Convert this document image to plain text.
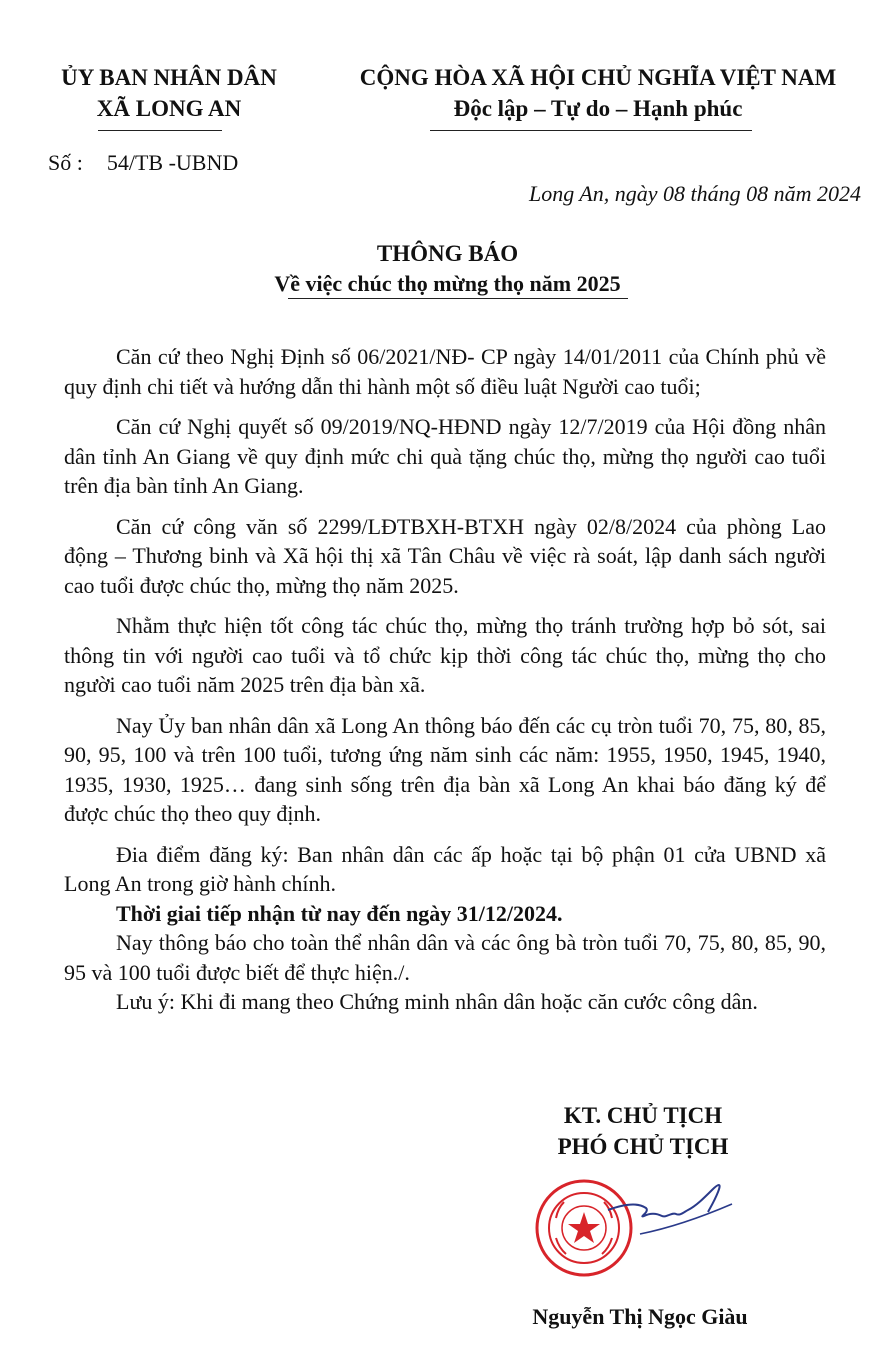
ỦY BAN NHÂN DÂN
XÃ LONG AN
CỘNG HÒA XÃ HỘI CHỦ NGHĨA VIỆT NAM
Độc lập – Tự do – Hạnh phúc
Số : 54/TB -UBND
Long An, ngày 08 tháng 08 năm 2024
THÔNG BÁO
Về việc chúc thọ mừng thọ năm 2025

Căn cứ theo Nghị Định số 06/2021/NĐ- CP ngày 14/01/2011 của Chính phủ về quy định chi tiết và hướng dẫn thi hành một số điều luật Người cao tuổi;

Căn cứ Nghị quyết số 09/2019/NQ-HĐND ngày 12/7/2019 của Hội đồng nhân dân tỉnh An Giang về quy định mức chi quà tặng chúc thọ, mừng thọ người cao tuổi trên địa bàn tỉnh An Giang.

Căn cứ công văn số 2299/LĐTBXH-BTXH ngày 02/8/2024 của phòng Lao động – Thương binh và Xã hội thị xã Tân Châu về việc rà soát, lập danh sách người cao tuổi được chúc thọ, mừng thọ năm 2025.

Nhằm thực hiện tốt công tác chúc thọ, mừng thọ tránh trường hợp bỏ sót, sai thông tin với người cao tuổi và tổ chức kịp thời công tác chúc thọ, mừng thọ cho người cao tuổi năm 2025 trên địa bàn xã.

Nay Ủy ban nhân dân xã Long An thông báo đến các cụ tròn tuổi 70, 75, 80, 85, 90, 95, 100 và trên 100 tuổi, tương ứng năm sinh các năm: 1955, 1950, 1945, 1940, 1935, 1930, 1925… đang sinh sống trên địa bàn xã Long An khai báo đăng ký để được chúc thọ theo quy định.

Đia điểm đăng ký: Ban nhân dân các ấp hoặc tại bộ phận 01 cửa UBND xã Long An trong giờ hành chính.

Thời giai tiếp nhận từ nay đến ngày 31/12/2024.

Nay thông báo cho toàn thể nhân dân và các ông bà tròn tuổi 70, 75, 80, 85, 90, 95 và 100 tuổi được biết để thực hiện./.

Lưu ý: Khi đi mang theo Chứng minh nhân dân hoặc căn cước công dân.

KT. CHỦ TỊCH
PHÓ CHỦ TỊCH
Nguyễn Thị Ngọc Giàu
